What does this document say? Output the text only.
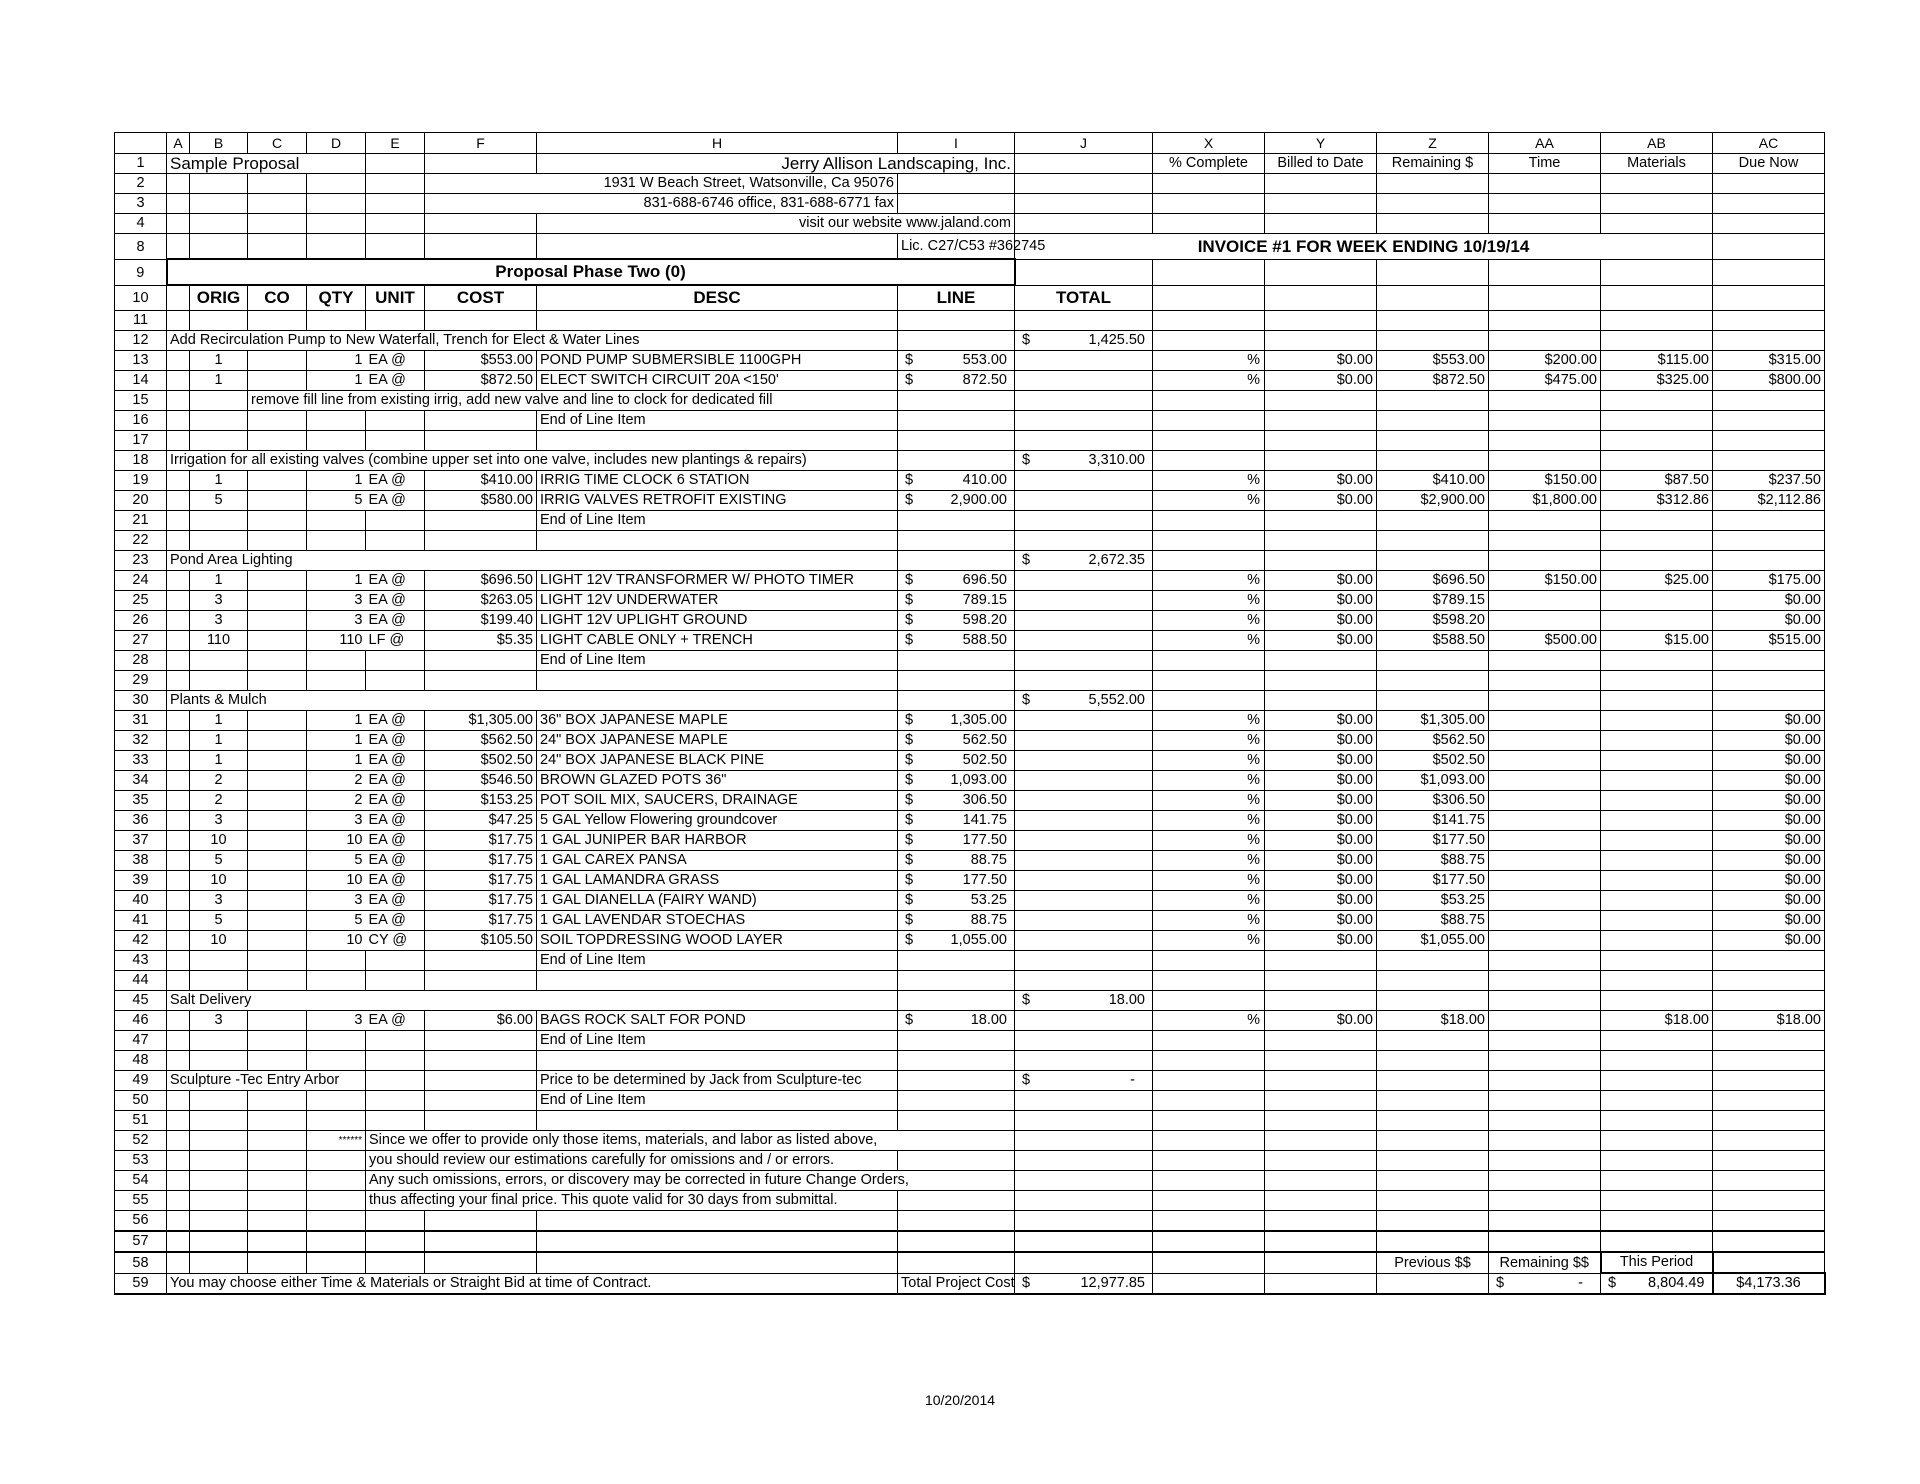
	A	B	C	D	E	F	H	I	J	X	Y	Z	AA	AB	AC
1	Sample Proposal						Jerry Allison Landscaping, Inc.			% Complete	Billed to Date	Remaining $	Time	Materials	Due Now
2						1931 W Beach Street, Watsonville, Ca 95076									
3						831-688-6746 office, 831-688-6771 fax									
4							visit our website www.jaland.com								
8								Lic. C27/C53 #362745	INVOICE #1 FOR WEEK ENDING 10/19/14						
9	Proposal Phase Two (0)														
10		ORIG	CO	QTY	UNIT	COST	DESC	LINE	TOTAL						
11															
12	Add Recirculation Pump to New Waterfall, Trench for Elect & Water Lines								$ 1,425.50						

13		1		1	EA @	$553.00	POND PUMP SUBMERSIBLE 1100GPH	$ 553.00		%	$0.00	$553.00	$200.00	$115.00	$315.00
14		1		1	EA @	$872.50	ELECT SWITCH CIRCUIT 20A <150'	$ 872.50		%	$0.00	$872.50	$475.00	$325.00	$800.00
15			remove fill line from existing irrig, add new valve and line to clock for dedicated fill												
16							End of Line Item								
17															
18	Irrigation for all existing valves (combine upper set into one valve, includes new plantings & repairs)								$ 3,310.00						

19		1		1	EA @	$410.00	IRRIG TIME CLOCK 6 STATION	$ 410.00		%	$0.00	$410.00	$150.00	$87.50	$237.50
20		5		5	EA @	$580.00	IRRIG VALVES RETROFIT EXISTING	$ 2,900.00		%	$0.00	$2,900.00	$1,800.00	$312.86	$2,112.86
21							End of Line Item								
22															
23	Pond Area Lighting								$ 2,672.35						

24		1		1	EA @	$696.50	LIGHT 12V TRANSFORMER W/ PHOTO TIMER	$ 696.50		%	$0.00	$696.50	$150.00	$25.00	$175.00
25		3		3	EA @	$263.05	LIGHT 12V UNDERWATER	$ 789.15		%	$0.00	$789.15			$0.00
26		3		3	EA @	$199.40	LIGHT 12V UPLIGHT GROUND	$ 598.20		%	$0.00	$598.20			$0.00
27		110		110	LF @	$5.35	LIGHT CABLE ONLY + TRENCH	$ 588.50		%	$0.00	$588.50	$500.00	$15.00	$515.00
28							End of Line Item								
29															
30	Plants & Mulch								$ 5,552.00						

31		1		1	EA @	$1,305.00	36" BOX JAPANESE MAPLE	$ 1,305.00		%	$0.00	$1,305.00			$0.00
32		1		1	EA @	$562.50	24" BOX JAPANESE MAPLE	$ 562.50		%	$0.00	$562.50			$0.00
33		1		1	EA @	$502.50	24" BOX JAPANESE BLACK PINE	$ 502.50		%	$0.00	$502.50			$0.00
34		2		2	EA @	$546.50	BROWN GLAZED POTS 36"	$ 1,093.00		%	$0.00	$1,093.00			$0.00
35		2		2	EA @	$153.25	POT SOIL MIX, SAUCERS, DRAINAGE	$ 306.50		%	$0.00	$306.50			$0.00
36		3		3	EA @	$47.25	5 GAL Yellow Flowering groundcover	$ 141.75		%	$0.00	$141.75			$0.00
37		10		10	EA @	$17.75	1 GAL JUNIPER BAR HARBOR	$ 177.50		%	$0.00	$177.50			$0.00
38		5		5	EA @	$17.75	1 GAL CAREX PANSA	$ 88.75		%	$0.00	$88.75			$0.00
39		10		10	EA @	$17.75	1 GAL LAMANDRA GRASS	$ 177.50		%	$0.00	$177.50			$0.00
40		3		3	EA @	$17.75	1 GAL DIANELLA (FAIRY WAND)	$ 53.25		%	$0.00	$53.25			$0.00
41		5		5	EA @	$17.75	1 GAL LAVENDAR STOECHAS	$ 88.75		%	$0.00	$88.75			$0.00
42		10		10	CY @	$105.50	SOIL TOPDRESSING WOOD LAYER	$ 1,055.00		%	$0.00	$1,055.00			$0.00
43							End of Line Item								
44															
45	Salt Delivery								$ 18.00						

46		3		3	EA @	$6.00	BAGS ROCK SALT FOR POND	$ 18.00		%	$0.00	$18.00		$18.00	$18.00
47							End of Line Item								
48															
49	Sculpture -Tec Entry Arbor						Price to be determined by Jack from Sculpture-tec		$ -						

50							End of Line Item								
51															
52				******	Since we offer to provide only those items, materials, and labor as listed above,										
53					you should review our estimations carefully for omissions and / or errors.										
54					Any such omissions, errors, or discovery may be corrected in future Change Orders,										
55					thus affecting your final price. This quote valid for 30 days from submittal.										
56															
57															
58												Previous $$	Remaining $$	This Period	
59	You may choose either Time & Materials or Straight Bid at time of Contract.							Total Project Cost	$ 12,977.85				$ -	$ 8,804.49	$4,173.36
10/20/2014
